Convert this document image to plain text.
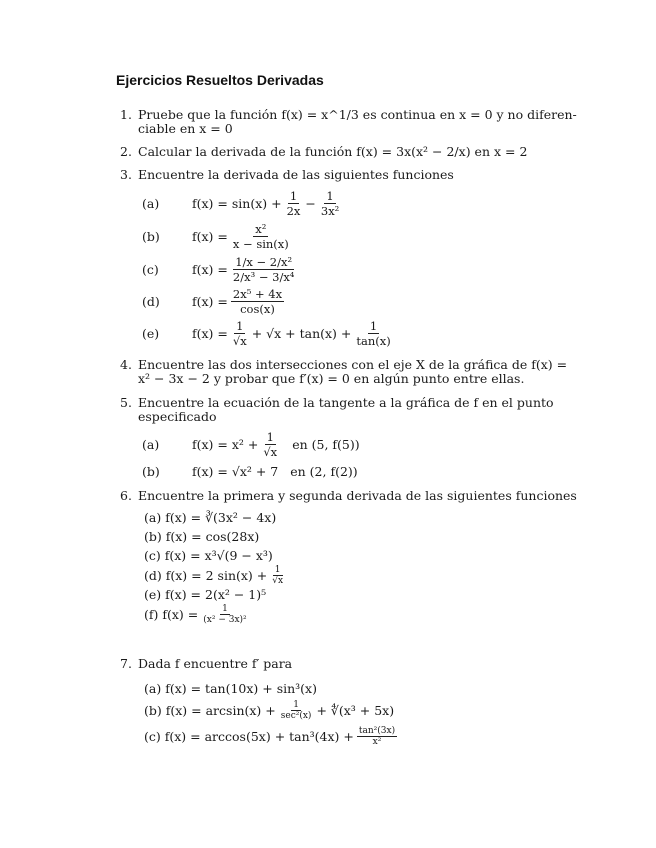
Ejercicios Resueltos Derivadas
1. Pruebe que la función f(x) = x^1/3 es continua en x = 0 y no diferen-
ciable en x = 0
2. Calcular la derivada de la función f(x) = 3x(x² − 2/x) en x = 2
3. Encuentre la derivada de las siguientes funciones
(a)	$f(x) = \sin(x) + \frac{1}{2x} - \frac{1}{\text{3x²}}$
(b)	$f(x) = \frac{\text{x²}}{x - \sin(x)}$
(c)	$f(x) = \frac{\text{1/x − 2/x²}}{\text{2/x³ − 3/x⁴}}$
(d)	$f(x) = \frac{\text{2x⁵ + 4x}}{\cos(x)}$
(e)	$f(x) = \frac{1}{√x} + √x + \tan(x) + \frac{1}{\tan(x)}$
4. Encuentre las dos intersecciones con el eje X de la gráfica de f(x) =
x² − 3x − 2 y probar que f′(x) = 0 en algún punto entre ellas.
5. Encuentre la ecuación de la tangente a la gráfica de f en el punto
especificado
(a)	$f(x) = x^2 + \frac{1}{√x}$ en (5, f(5))
(b)	f(x) = √x² + 7 en (2, f(2))
6. Encuentre la primera y segunda derivada de las siguientes funciones
(a) f(x) = ∛(3x² − 4x)
(b) f(x) = cos(28x)
(c) f(x) = x³√(9 − x³)
(d)
f(x) = 2 $\sin(x) + \frac{1}{√x}$
(e) f(x) = 2(x² − 1)⁵
(f)
$f(x) = \frac{1}{\text{(x² − 3x)²}}$
7. Dada f encuentre f′ para
(a) f(x) = tan(10x) + sin³(x)
(b)
$f(x) = \arcsin(x) + \frac{1}{\text{sec²(x)}}$ + ∜(x³ + 5x)
(c)
$f(x) = \arccos(5x) + \tan^3(4x) + \frac{\text{tan²(3x)}}{\text{x²}}$
